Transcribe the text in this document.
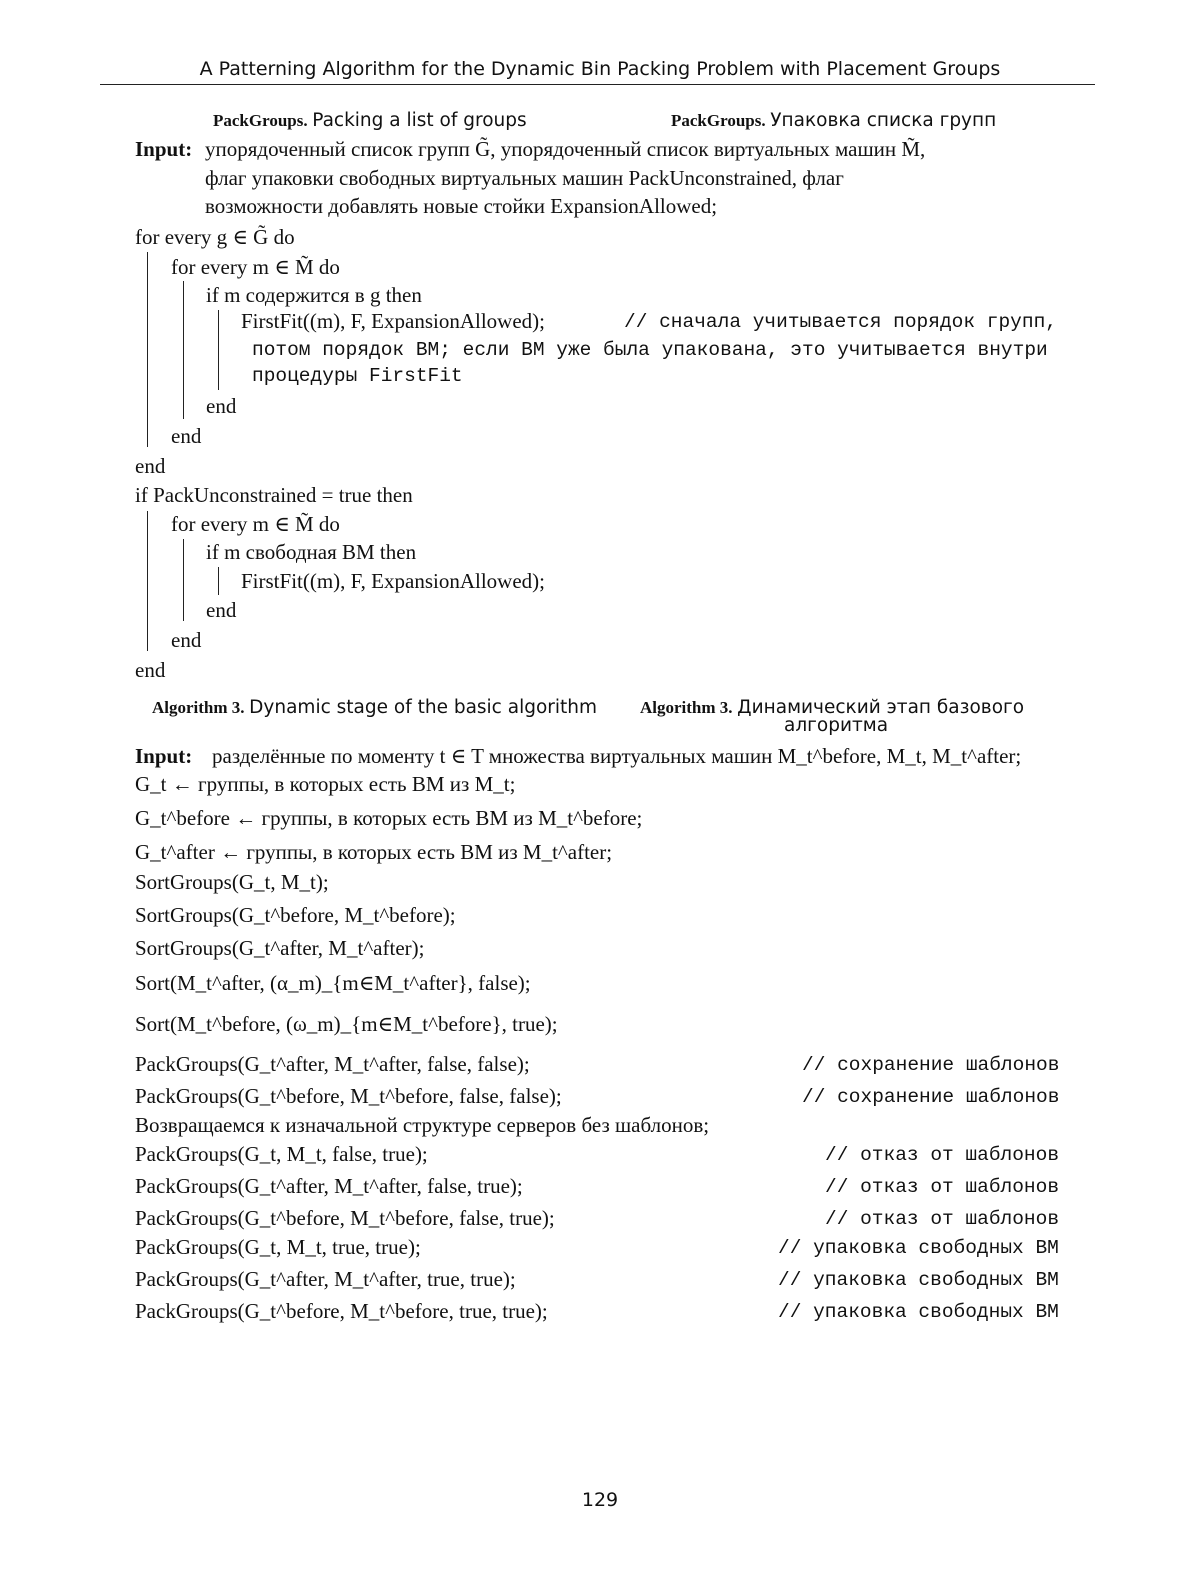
A Patterning Algorithm for the Dynamic Bin Packing Problem with Placement Groups
PackGroups. Packing a list of groups	PackGroups. Упаковка списка групп
Input: упорядоченный список групп G̃, упорядоченный список виртуальных машин M̃,
флаг упаковки свободных виртуальных машин PackUnconstrained, флаг
возможности добавлять новые стойки ExpansionAllowed;
for every g ∈ G̃ do
for every m ∈ M̃ do
if m содержится в g then
FirstFit((m), F, ExpansionAllowed);	// сначала учитывается порядок групп,
потом порядок ВМ; если ВМ уже была упакована, это учитывается внутри
процедуры FirstFit
end
end
end
if PackUnconstrained = true then
for every m ∈ M̃ do
if m свободная ВМ then
FirstFit((m), F, ExpansionAllowed);
end
end
end
Algorithm 3. Dynamic stage of the basic algorithm	Algorithm 3. Динамический этап базового
алгоритма
Input: разделённые по моменту t ∈ T множества виртуальных машин M_t^before, M_t, M_t^after;
G_t ← группы, в которых есть ВМ из M_t;
G_t^before ← группы, в которых есть ВМ из M_t^before;
G_t^after ← группы, в которых есть ВМ из M_t^after;
SortGroups(G_t, M_t);
SortGroups(G_t^before, M_t^before);
SortGroups(G_t^after, M_t^after);
Sort(M_t^after, (α_m)_{m∈M_t^after}, false);
Sort(M_t^before, (ω_m)_{m∈M_t^before}, true);
PackGroups(G_t^after, M_t^after, false, false);	// сохранение шаблонов
PackGroups(G_t^before, M_t^before, false, false);	// сохранение шаблонов
Возвращаемся к изначальной структуре серверов без шаблонов;
PackGroups(G_t, M_t, false, true);	// отказ от шаблонов
PackGroups(G_t^after, M_t^after, false, true);	// отказ от шаблонов
PackGroups(G_t^before, M_t^before, false, true);	// отказ от шаблонов
PackGroups(G_t, M_t, true, true);	// упаковка свободных ВМ
PackGroups(G_t^after, M_t^after, true, true);	// упаковка свободных ВМ
PackGroups(G_t^before, M_t^before, true, true);	// упаковка свободных ВМ
129
